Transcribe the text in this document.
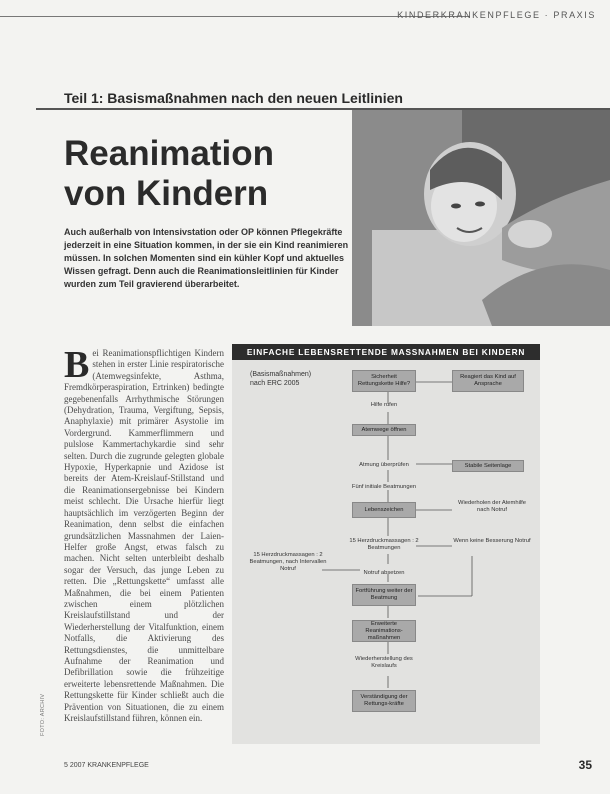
KINDERKRANKENPFLEGE · PRAXIS
Teil 1: Basismaßnahmen nach den neuen Leitlinien
Reanimation
von Kindern
Auch außerhalb von Intensivstation oder OP können Pflegekräfte jederzeit in eine Situation kommen, in der sie ein Kind reanimieren müssen. In solchen Momenten sind ein kühler Kopf und aktuelles Wissen gefragt. Denn auch die Reanimationsleitlinien für Kinder wurden zum Teil gravierend überarbeitet.
B ei Reanimationspflichtigen Kindern stehen in erster Linie respiratorische (Atemwegsinfekte, Asthma, Fremdkörperaspiration, Ertrinken) bedingte gegebenenfalls Arrhythmische Störungen (Dehydration, Trauma, Vergiftung, Sepsis, Anaphylaxie) mit primärer Asystolie im Vordergrund. Kammerflimmern und pulslose Kammertachykardie sind sehr selten. Durch die zugrunde gelegten globale Hypoxie, Hyperkapnie und Azidose ist bereits der Atem-Kreislauf-Stillstand und die Reanimationsergebnisse bei Kindern meist schlecht. Die Ursache hierfür liegt hauptsächlich im verzögerten Beginn der Reanimation, denn selbst die einfachen grundsätzlichen Massnahmen der Laien-Helfer große Angst, etwas falsch zu machen. Nicht selten unterbleibt deshalb sogar der Versuch, das junge Leben zu retten. Die „Rettungskette“ umfasst alle Maßnahmen, die bei einem Patienten zwischen einem plötzlichen Kreislaufstillstand und der Wiederherstellung der Vitalfunktion, einem Notfalls, die Aktivierung des Rettungsdienstes, die unmittelbare Aufnahme der Reanimation und Defibrillation sowie die frühzeitige erweiterte lebensrettende Maßnahmen. Die Rettungskette für Kinder schließt auch die Prävention von Situationen, die zu einem Kreislaufstillstand führen, können ein.
EINFACHE LEBENSRETTENDE MASSNAHMEN BEI KINDERN
(Basismaßnahmen)
nach ERC 2005
Sicherheit Rettungskette Hilfe?
Reagiert das Kind auf Ansprache
Hilfe rufen
Atemwege öffnen
Atmung überprüfen	Stabile Seitenlage
Fünf initiale Beatmungen
Lebenszeichen
Wiederholen der Atemhilfe nach Notruf
15 Herzdruckmassagen : 2 Beatmungen
Wenn keine Besserung Notruf
Notruf absetzen
Fortführung weiter der Beatmung
Erweiterte Reanimations-maßnahmen
Wiederherstellung des Kreislaufs
Verständigung der Rettungs-kräfte
15 Herzdruckmassagen : 2 Beatmungen, nach Intervallen Notruf
FOTO: ARCHIV
5 2007 KRANKENPFLEGE	35
